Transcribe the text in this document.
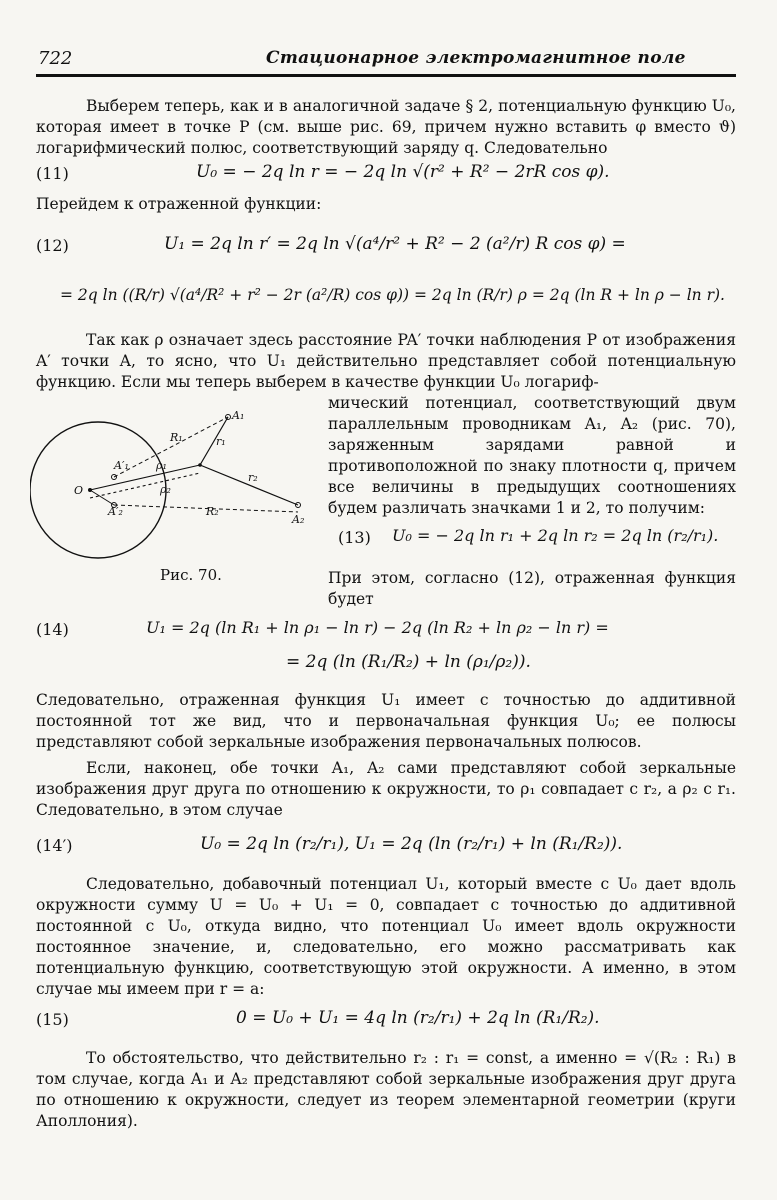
722	Стационарное электромагнитное поле
Выберем теперь, как и в аналогичной задаче § 2, потенциальную функцию U₀, которая имеет в точке P (см. выше рис. 69, причем нужно вставить φ вместо ϑ) логарифмический полюс, соответствующий заряду q. Следовательно
(11)	U₀ = − 2q ln r = − 2q ln √(r² + R² − 2rR cos φ).
Перейдем к отраженной функции:
(12)	U₁ = 2q ln r′ = 2q ln √(a⁴/r² + R² − 2 (a²/r) R cos φ) =
= 2q ln ((R/r) √(a⁴/R² + r² − 2r (a²/R) cos φ)) = 2q ln (R/r) ρ = 2q (ln R + ln ρ − ln r).
Так как ρ означает здесь расстояние PA′ точки наблюдения P от изображения A′ точки A, то ясно, что U₁ действительно представляет собой потенциальную функцию. Если мы теперь выберем в качестве функции U₀ логариф-
O
A₁
A₂
A′₁
A′₂
R₁
R₂
r₁
r₂
ρ₁
ρ₂
мический потенциал, соответствующий двум параллельным проводникам A₁, A₂ (рис. 70), заряженным зарядами равной и противоположной по знаку плотности q, причем все величины в предыдущих соотношениях будем различать значками 1 и 2, то получим:
(13) U₀ = − 2q ln r₁ + 2q ln r₂ = 2q ln (r₂/r₁).
Рис. 70.	При этом, согласно (12), отраженная функция будет
(14)	U₁ = 2q (ln R₁ + ln ρ₁ − ln r) − 2q (ln R₂ + ln ρ₂ − ln r) =
= 2q (ln (R₁/R₂) + ln (ρ₁/ρ₂)).
Следовательно, отраженная функция U₁ имеет с точностью до аддитивной постоянной тот же вид, что и первоначальная функция U₀; ее полюсы представляют собой зеркальные изображения первоначальных полюсов.
Если, наконец, обе точки A₁, A₂ сами представляют собой зеркальные изображения друг друга по отношению к окружности, то ρ₁ совпадает с r₂, а ρ₂ с r₁. Следовательно, в этом случае
(14′)	U₀ = 2q ln (r₂/r₁), U₁ = 2q (ln (r₂/r₁) + ln (R₁/R₂)).
Следовательно, добавочный потенциал U₁, который вместе с U₀ дает вдоль окружности сумму U = U₀ + U₁ = 0, совпадает с точностью до аддитивной постоянной с U₀, откуда видно, что потенциал U₀ имеет вдоль окружности постоянное значение, и, следовательно, его можно рассматривать как потенциальную функцию, соответствующую этой окружности. А именно, в этом случае мы имеем при r = a:
(15)	0 = U₀ + U₁ = 4q ln (r₂/r₁) + 2q ln (R₁/R₂).
То обстоятельство, что действительно r₂ : r₁ = const, а именно = √(R₂ : R₁) в том случае, когда A₁ и A₂ представляют собой зеркальные изображения друг друга по отношению к окружности, следует из теорем элементарной геометрии (круги Аполлония).
